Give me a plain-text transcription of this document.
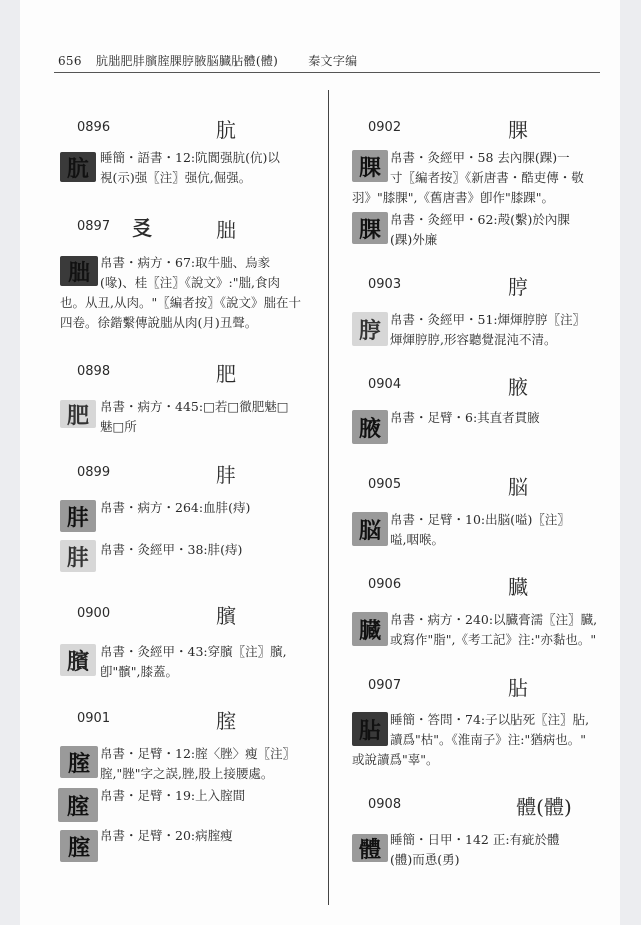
656 肮朏肥肨臏腟腂脝腋脳臓胋體(體)	秦文字编
0896	肮
肮 睡簡・語書・12:阬閬强肮(伉)以
視(示)强〖注〗强伉,倔强。
0897 㕛	朏
朏 帛書・病方・67:取牛朏、烏豙
(喙)、桂〖注〗《說文》:"朏,食肉
也。从丑,从肉。"〖編者按〗《說文》朏在十
四卷。徐鍇繫傳說朏从肉(月)丑聲。
0898	肥
肥 帛書・病方・445:□若□徹肥魅□
魅□所
0899	肨
肨 帛書・病方・264:血肨(痔)
肨 帛書・灸經甲・38:肨(痔)
0900	臏
臏 帛書・灸經甲・43:穿臏〖注〗臏,
卽"髕",膝蓋。
0901	腟
腟 帛書・足臂・12:腟〈脞〉瘦〖注〗
腟,"脞"字之誤,脞,股上接腰處。
腟 帛書・足臂・19:上入腟間
腟 帛書・足臂・20:病腟瘦
0902	腂
腂 帛書・灸經甲・58 去內腂(踝)一
寸〖編者按〗《新唐書・酷吏傳・敬
羽》"膝腂",《舊唐書》卽作"膝踝"。
腂 帛書・灸經甲・62:殸(繫)於內腂
(踝)外廉
0903	脝
脝 帛書・灸經甲・51:煇煇脝脝〖注〗
煇煇脝脝,形容聽覺混沌不清。
0904	腋
腋 帛書・足臂・6:其直者貫腋
0905	脳
脳 帛書・足臂・10:出脳(嗌)〖注〗
嗌,咽喉。
0906	臓
臓 帛書・病方・240:以臓膏濡〖注〗臓,
或寫作"脂",《考工記》注:"亦黏也。"
0907	胋
胋 睡簡・答問・74:子以胋死〖注〗胋,
讀爲"枯"。《淮南子》注:"猶病也。"
或說讀爲"辜"。
0908	體(體)
體 睡簡・日甲・142 正:有疵於體
(體)而恿(勇)
